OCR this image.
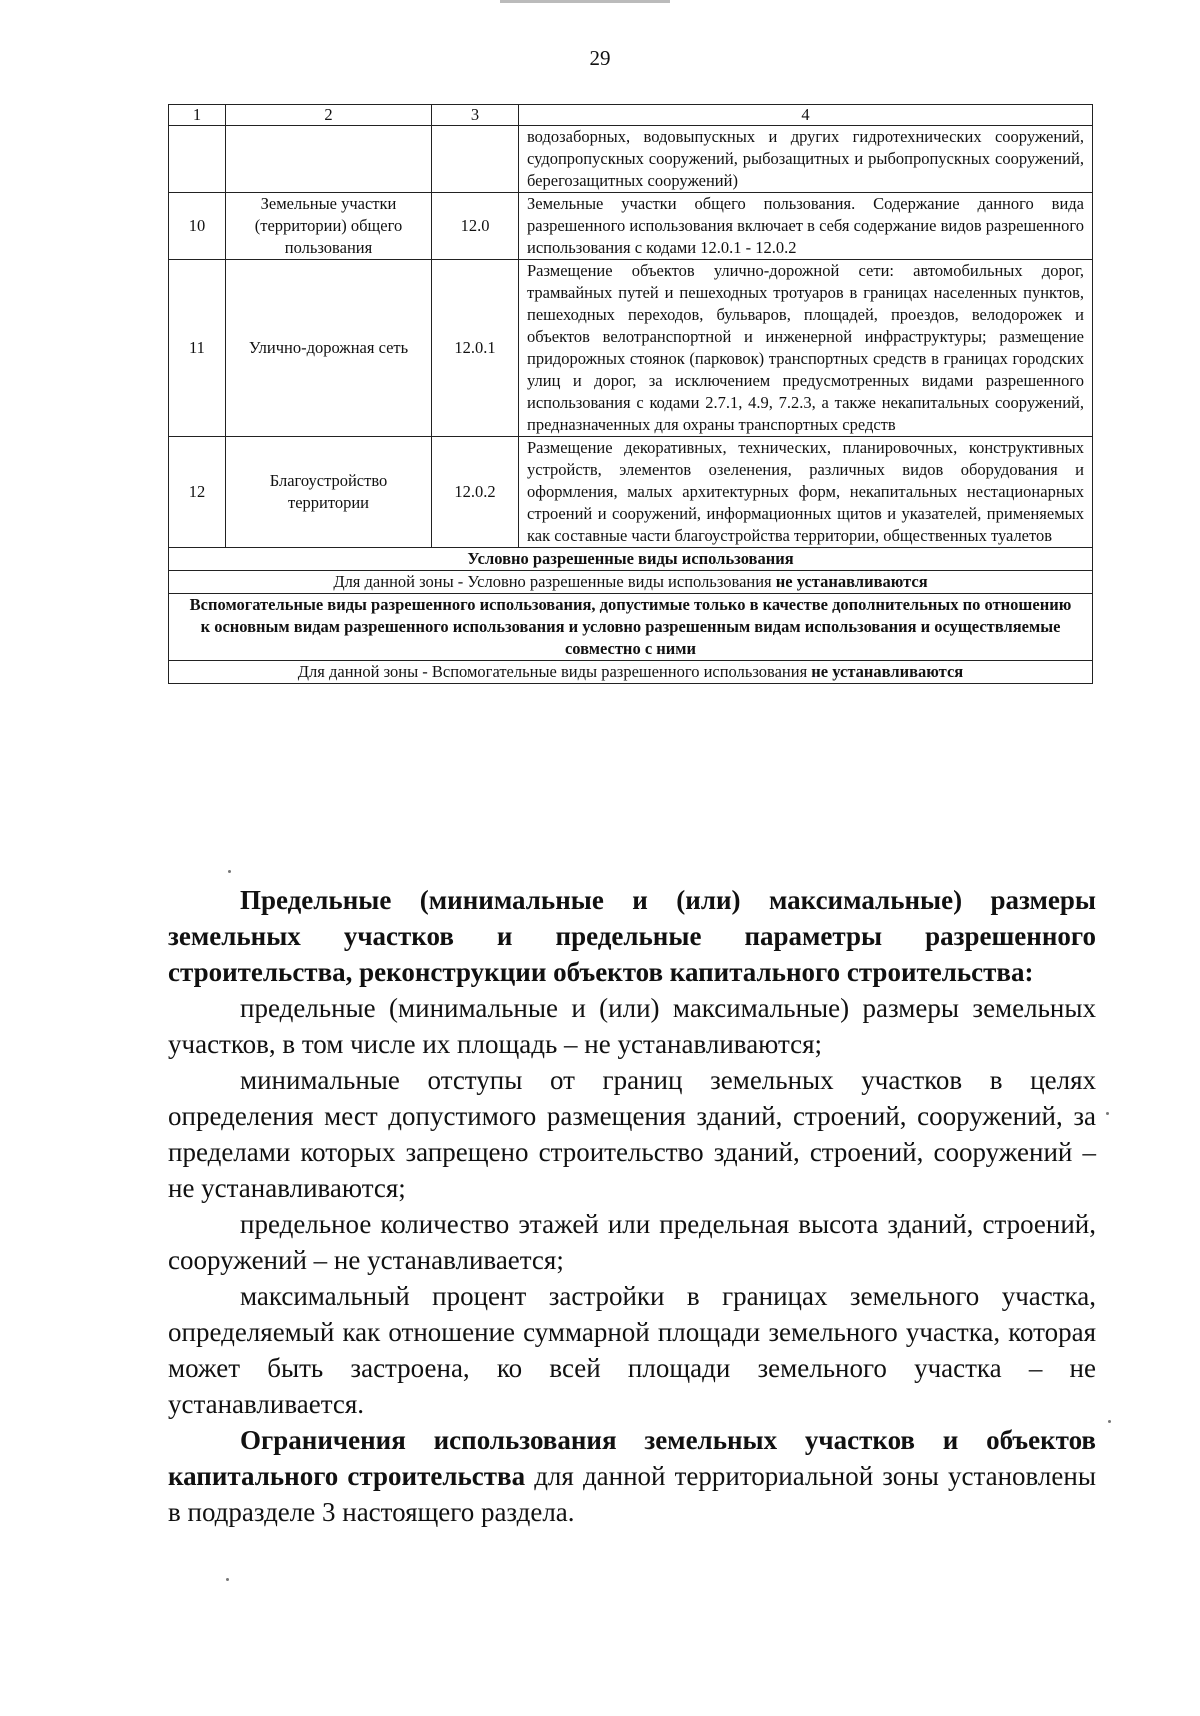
29
1	2	3	4
			водозаборных, водовыпускных и других гидротехнических сооружений, судопропускных сооружений, рыбозащитных и рыбопропускных сооружений, берегозащитных сооружений)
10	Земельные участки (территории) общего пользования	12.0	Земельные участки общего пользования. Содержание данного вида разрешенного использования включает в себя содержание видов разрешенного использования с кодами 12.0.1 - 12.0.2
11	Улично-дорожная сеть	12.0.1	Размещение объектов улично-дорожной сети: автомобильных дорог, трамвайных путей и пешеходных тротуаров в границах населенных пунктов, пешеходных переходов, бульваров, площадей, проездов, велодорожек и объектов велотранспортной и инженерной инфраструктуры; размещение придорожных стоянок (парковок) транспортных средств в границах городских улиц и дорог, за исключением предусмотренных видами разрешенного использования с кодами 2.7.1, 4.9, 7.2.3, а также некапитальных сооружений, предназначенных для охраны транспортных средств
12	Благоустройство территории	12.0.2	Размещение декоративных, технических, планировочных, конструктивных устройств, элементов озеленения, различных видов оборудования и оформления, малых архитектурных форм, некапитальных нестационарных строений и сооружений, информационных щитов и указателей, применяемых как составные части благоустройства территории, общественных туалетов
Условно разрешенные виды использования			
Для данной зоны - Условно разрешенные виды использования не устанавливаются			
Вспомогательные виды разрешенного использования, допустимые только в качестве дополнительных по отношению к основным видам разрешенного использования и условно разрешенным видам использования и осуществляемые совместно с ними			
Для данной зоны - Вспомогательные виды разрешенного использования не устанавливаются			

Предельные (минимальные и (или) максимальные) размеры земельных участков и предельные параметры разрешенного строительства, реконструкции объектов капитального строительства:

предельные (минимальные и (или) максимальные) размеры земельных участков, в том числе их площадь – не устанавливаются;

минимальные отступы от границ земельных участков в целях определения мест допустимого размещения зданий, строений, сооружений, за пределами которых запрещено строительство зданий, строений, сооружений – не устанавливаются;

предельное количество этажей или предельная высота зданий, строений, сооружений – не устанавливается;

максимальный процент застройки в границах земельного участка, определяемый как отношение суммарной площади земельного участка, которая может быть застроена, ко всей площади земельного участка – не устанавливается.

Ограничения использования земельных участков и объектов капитального строительства для данной территориальной зоны установлены в подразделе 3 настоящего раздела.
